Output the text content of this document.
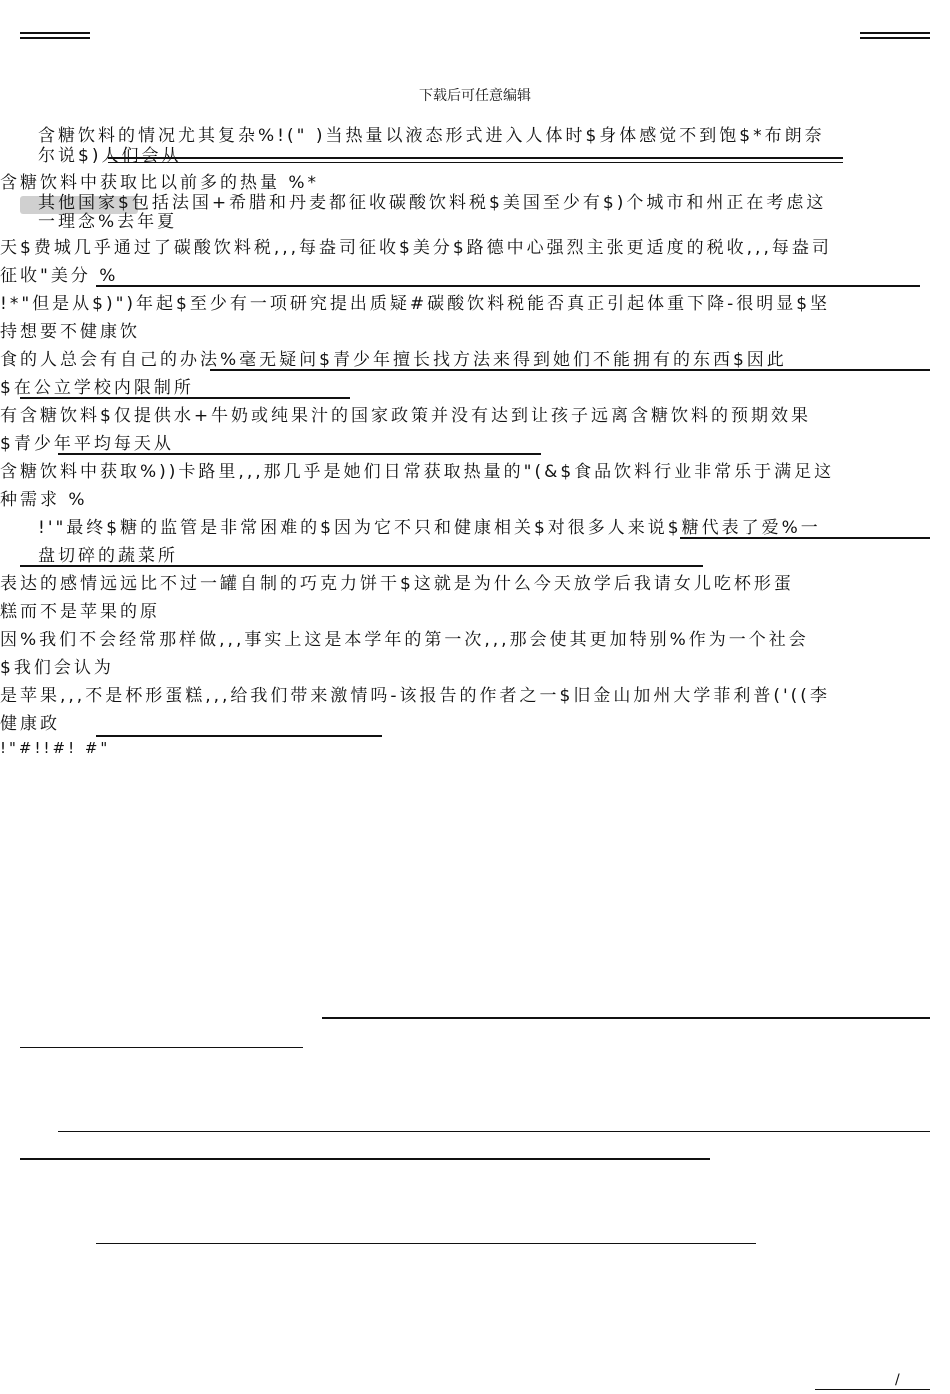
下载后可任意编辑
含糖饮料的情况尤其复杂%!(" )当热量以液态形式进入人体时$身体感觉不到饱$*布朗奈
尔说$)人们会从
含糖饮料中获取比以前多的热量 %*
其他国家$包括法国+希腊和丹麦都征收碳酸饮料税$美国至少有$)个城市和州正在考虑这
一理念%去年夏
天$费城几乎通过了碳酸饮料税,,,每盎司征收$美分$路德中心强烈主张更适度的税收,,,每盎司
征收"美分 %
!*"但是从$)")年起$至少有一项研究提出质疑#碳酸饮料税能否真正引起体重下降-很明显$坚
持想要不健康饮
食的人总会有自己的办法%毫无疑问$青少年擅长找方法来得到她们不能拥有的东西$因此
$在公立学校内限制所
有含糖饮料$仅提供水+牛奶或纯果汁的国家政策并没有达到让孩子远离含糖饮料的预期效果
$青少年平均每天从
含糖饮料中获取%))卡路里,,,那几乎是她们日常获取热量的"(&$食品饮料行业非常乐于满足这
种需求 %
!'"最终$糖的监管是非常困难的$因为它不只和健康相关$对很多人来说$糖代表了爱%一
盘切碎的蔬菜所
表达的感情远远比不过一罐自制的巧克力饼干$这就是为什么今天放学后我请女儿吃杯形蛋
糕而不是苹果的原
因%我们不会经常那样做,,,事实上这是本学年的第一次,,,那会使其更加特别%作为一个社会
$我们会认为
是苹果,,,不是杯形蛋糕,,,给我们带来激情吗-该报告的作者之一$旧金山加州大学菲利普('((李
健康政
!"#!!#! #"
/
